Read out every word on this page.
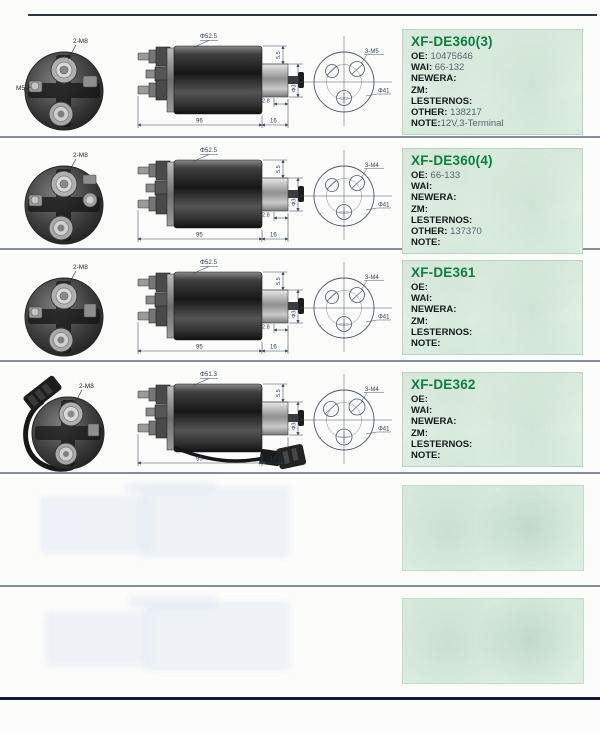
2-M8
M5
Φ52.5
5.5
Φ34.6
12.8
96	16
3-M5
Φ41
XF-DE360(3)
OE: 10475646
WAI: 66-132
NEWERA:
ZM:
LESTERNOS:
OTHER: 138217
NOTE:12V,3-Terminal
2-M8
Φ52.5
5.5
Φ34.6
12.8
95	16
3-M4
Φ41
XF-DE360(4)
OE: 66-133
WAI:
NEWERA:
ZM:
LESTERNOS:
OTHER: 137370
NOTE:
2-M8
Φ52.5
5.5
Φ34.6
12.8
95	16
3-M4
Φ41
XF-DE361
OE:
WAI:
NEWERA:
ZM:
LESTERNOS:
NOTE:
2-M8
Φ51.3
5.5
Φ34.6
95	16
3-M4
Φ41
XF-DE362
OE:
WAI:
NEWERA:
ZM:
LESTERNOS:
NOTE:
